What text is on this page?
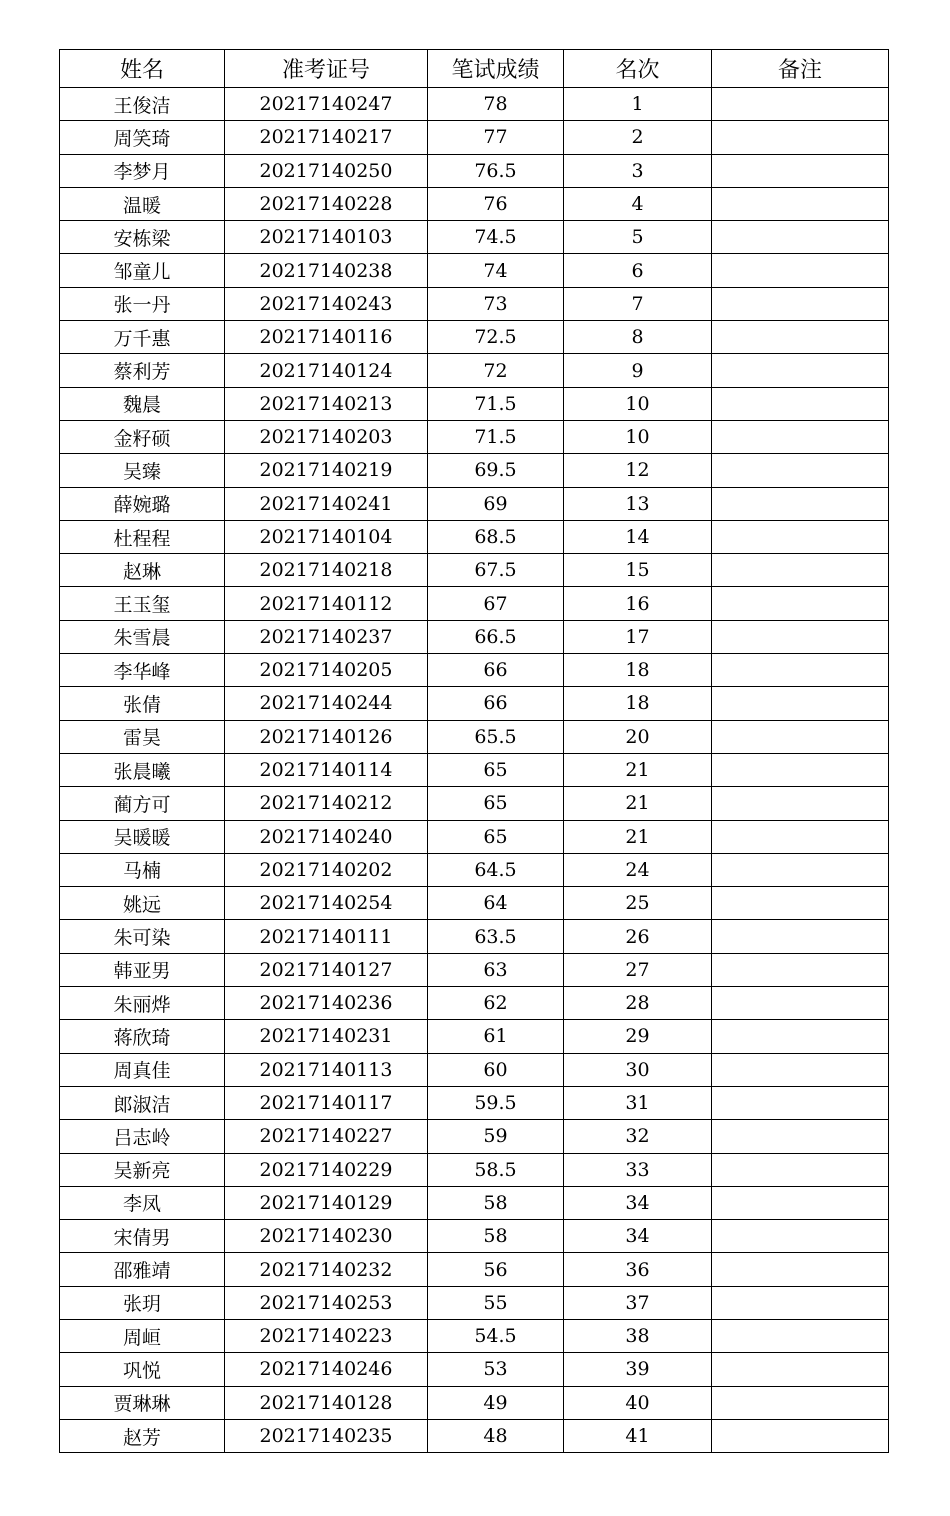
姓名	准考证号	笔试成绩	名次	备注
王俊洁	20217140247	78	1	
周笑琦	20217140217	77	2	
李梦月	20217140250	76.5	3	
温暖	20217140228	76	4	
安栋梁	20217140103	74.5	5	
邹童儿	20217140238	74	6	
张一丹	20217140243	73	7	
万千惠	20217140116	72.5	8	
蔡利芳	20217140124	72	9	
魏晨	20217140213	71.5	10	
金籽硕	20217140203	71.5	10	
吴臻	20217140219	69.5	12	
薛婉璐	20217140241	69	13	
杜程程	20217140104	68.5	14	
赵琳	20217140218	67.5	15	
王玉玺	20217140112	67	16	
朱雪晨	20217140237	66.5	17	
李华峰	20217140205	66	18	
张倩	20217140244	66	18	
雷昊	20217140126	65.5	20	
张晨曦	20217140114	65	21	
蔺方可	20217140212	65	21	
吴暖暖	20217140240	65	21	
马楠	20217140202	64.5	24	
姚远	20217140254	64	25	
朱可染	20217140111	63.5	26	
韩亚男	20217140127	63	27	
朱丽烨	20217140236	62	28	
蒋欣琦	20217140231	61	29	
周真佳	20217140113	60	30	
郎淑洁	20217140117	59.5	31	
吕志岭	20217140227	59	32	
吴新亮	20217140229	58.5	33	
李凤	20217140129	58	34	
宋倩男	20217140230	58	34	
邵雅靖	20217140232	56	36	
张玥	20217140253	55	37	
周峘	20217140223	54.5	38	
巩悦	20217140246	53	39	
贾琳琳	20217140128	49	40	
赵芳	20217140235	48	41	
